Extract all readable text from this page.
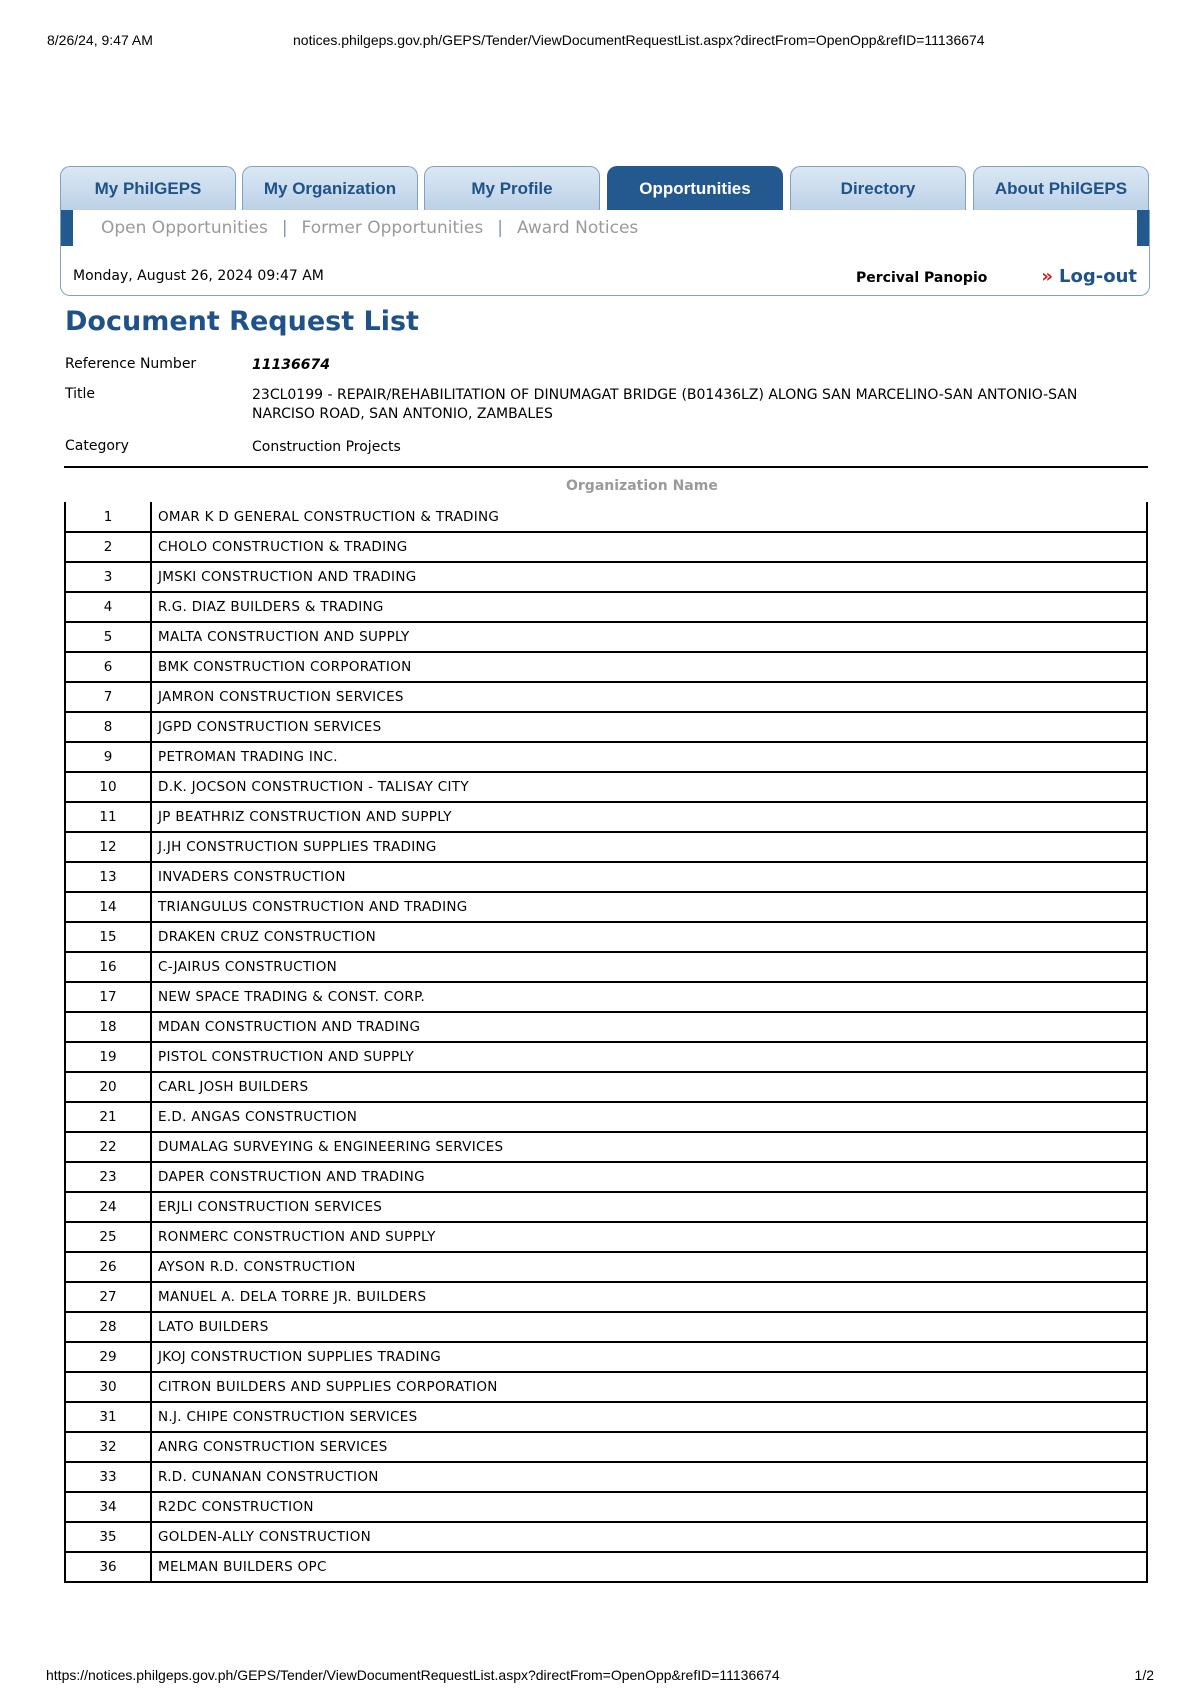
8/26/24, 9:47 AM	notices.philgeps.gov.ph/GEPS/Tender/ViewDocumentRequestList.aspx?directFrom=OpenOpp&refID=11136674
My PhilGEPS	My Organization	My Profile	Opportunities	Directory	About PhilGEPS
Open Opportunities | Former Opportunities | Award Notices
Monday, August 26, 2024 09:47 AM	Percival Panopio	» Log-out
Document Request List
Reference Number	11136674
Title	23CL0199 - REPAIR/REHABILITATION OF DINUMAGAT BRIDGE (B01436LZ) ALONG SAN MARCELINO-SAN ANTONIO-SAN NARCISO ROAD, SAN ANTONIO, ZAMBALES
Category	Construction Projects
Organization Name
1	OMAR K D GENERAL CONSTRUCTION & TRADING
2	CHOLO CONSTRUCTION & TRADING
3	JMSKI CONSTRUCTION AND TRADING
4	R.G. DIAZ BUILDERS & TRADING
5	MALTA CONSTRUCTION AND SUPPLY
6	BMK CONSTRUCTION CORPORATION
7	JAMRON CONSTRUCTION SERVICES
8	JGPD CONSTRUCTION SERVICES
9	PETROMAN TRADING INC.
10	D.K. JOCSON CONSTRUCTION - TALISAY CITY
11	JP BEATHRIZ CONSTRUCTION AND SUPPLY
12	J.JH CONSTRUCTION SUPPLIES TRADING
13	INVADERS CONSTRUCTION
14	TRIANGULUS CONSTRUCTION AND TRADING
15	DRAKEN CRUZ CONSTRUCTION
16	C-JAIRUS CONSTRUCTION
17	NEW SPACE TRADING & CONST. CORP.
18	MDAN CONSTRUCTION AND TRADING
19	PISTOL CONSTRUCTION AND SUPPLY
20	CARL JOSH BUILDERS
21	E.D. ANGAS CONSTRUCTION
22	DUMALAG SURVEYING & ENGINEERING SERVICES
23	DAPER CONSTRUCTION AND TRADING
24	ERJLI CONSTRUCTION SERVICES
25	RONMERC CONSTRUCTION AND SUPPLY
26	AYSON R.D. CONSTRUCTION
27	MANUEL A. DELA TORRE JR. BUILDERS
28	LATO BUILDERS
29	JKOJ CONSTRUCTION SUPPLIES TRADING
30	CITRON BUILDERS AND SUPPLIES CORPORATION
31	N.J. CHIPE CONSTRUCTION SERVICES
32	ANRG CONSTRUCTION SERVICES
33	R.D. CUNANAN CONSTRUCTION
34	R2DC CONSTRUCTION
35	GOLDEN-ALLY CONSTRUCTION
36	MELMAN BUILDERS OPC
https://notices.philgeps.gov.ph/GEPS/Tender/ViewDocumentRequestList.aspx?directFrom=OpenOpp&refID=11136674	1/2
